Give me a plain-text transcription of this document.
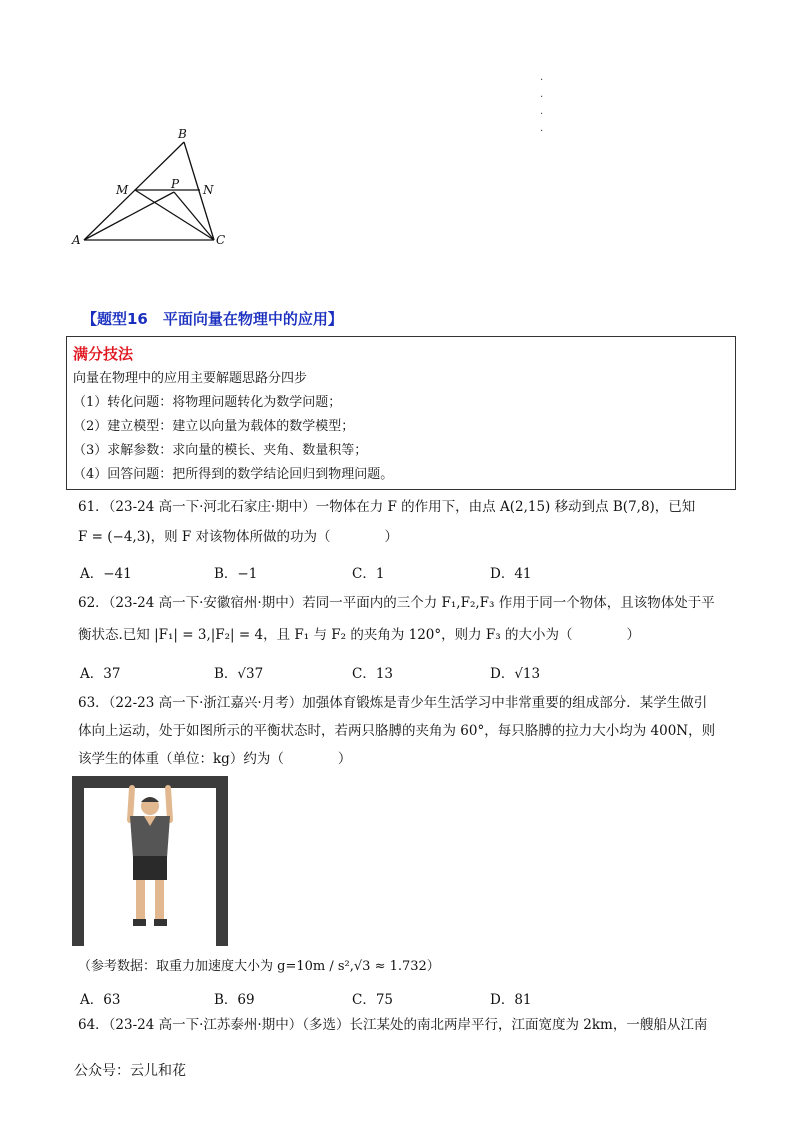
·
·
·
·
B
M	P N
A	C
【题型16　平面向量在物理中的应用】
满分技法
向量在物理中的应用主要解题思路分四步
（1）转化问题：将物理问题转化为数学问题；
（2）建立模型：建立以向量为载体的数学模型；
（3）求解参数：求向量的模长、夹角、数量积等；
（4）回答问题：把所得到的数学结论回归到物理问题。
61．（23-24 高一下·河北石家庄·期中）一物体在力 F 的作用下，由点 A(2,15) 移动到点 B(7,8)，已知
F = (−4,3)，则 F 对该物体所做的功为（　　　　）
A．−41	B．−1	C．1	D．41
62．（23-24 高一下·安徽宿州·期中）若同一平面内的三个力 F₁,F₂,F₃ 作用于同一个物体，且该物体处于平
衡状态.已知 |F₁| = 3,|F₂| = 4，且 F₁ 与 F₂ 的夹角为 120°，则力 F₃ 的大小为（　　　　）
A．37	B．√37	C．13	D．√13
63．（22-23 高一下·浙江嘉兴·月考）加强体育锻炼是青少年生活学习中非常重要的组成部分．某学生做引
体向上运动，处于如图所示的平衡状态时，若两只胳膊的夹角为 60°，每只胳膊的拉力大小均为 400N，则
该学生的体重（单位：kg）约为（　　　　）
（参考数据：取重力加速度大小为 g=10m / s²,√3 ≈ 1.732）
A．63	B．69	C．75	D．81
64．（23-24 高一下·江苏泰州·期中）（多选）长江某处的南北两岸平行，江面宽度为 2km，一艘船从江南
公众号：云儿和花
